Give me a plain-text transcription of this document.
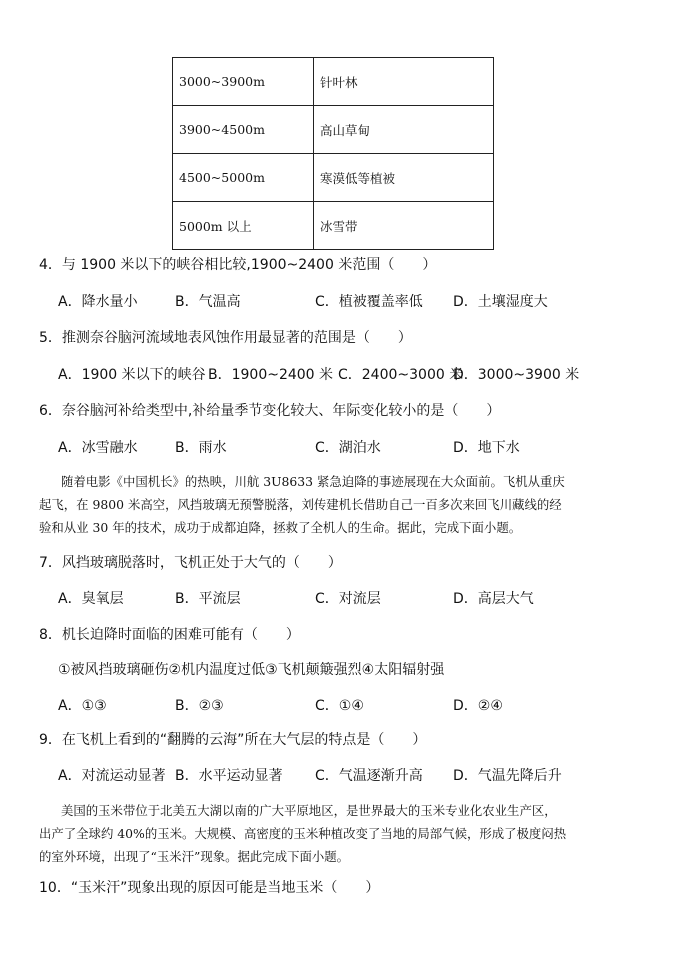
3000~3900m	针叶林
3900~4500m	高山草甸
4500~5000m	寒漠低等植被
5000m 以上	冰雪带
4．与 1900 米以下的峡谷相比较,1900~2400 米范围（　　）
A．降水量小	B．气温高	C．植被覆盖率低 D．土壤湿度大
5．推测奈谷脑河流域地表风蚀作用最显著的范围是（　　）
A．1900 米以下的峡谷 B．1900~2400 米 C．2400~3000 米
D．3000~3900 米
6．奈谷脑河补给类型中,补给量季节变化较大、年际变化较小的是（　　）
A．冰雪融水	B．雨水	C．湖泊水	D．地下水
随着电影《中国机长》的热映，川航 3U8633 紧急迫降的事迹展现在大众面前。飞机从重庆
起飞，在 9800 米高空，风挡玻璃无预警脱落，刘传建机长借助自己一百多次来回飞川藏线的经
验和从业 30 年的技术，成功于成都迫降，拯救了全机人的生命。据此，完成下面小题。
7．风挡玻璃脱落时，飞机正处于大气的（　　）
A．臭氧层	B．平流层	C．对流层	D．高层大气
8．机长迫降时面临的困难可能有（　　）
①被风挡玻璃砸伤②机内温度过低③飞机颠簸强烈④太阳辐射强
A．①③	B．②③	C．①④	D．②④
9．在飞机上看到的“翻腾的云海”所在大气层的特点是（　　）
A．对流运动显著 B．水平运动显著 C．气温逐渐升高 D．气温先降后升
美国的玉米带位于北美五大湖以南的广大平原地区，是世界最大的玉米专业化农业生产区，
出产了全球约 40%的玉米。大规模、高密度的玉米种植改变了当地的局部气候，形成了极度闷热
的室外环境，出现了“玉米汗”现象。据此完成下面小题。
10．“玉米汗”现象出现的原因可能是当地玉米（　　）
